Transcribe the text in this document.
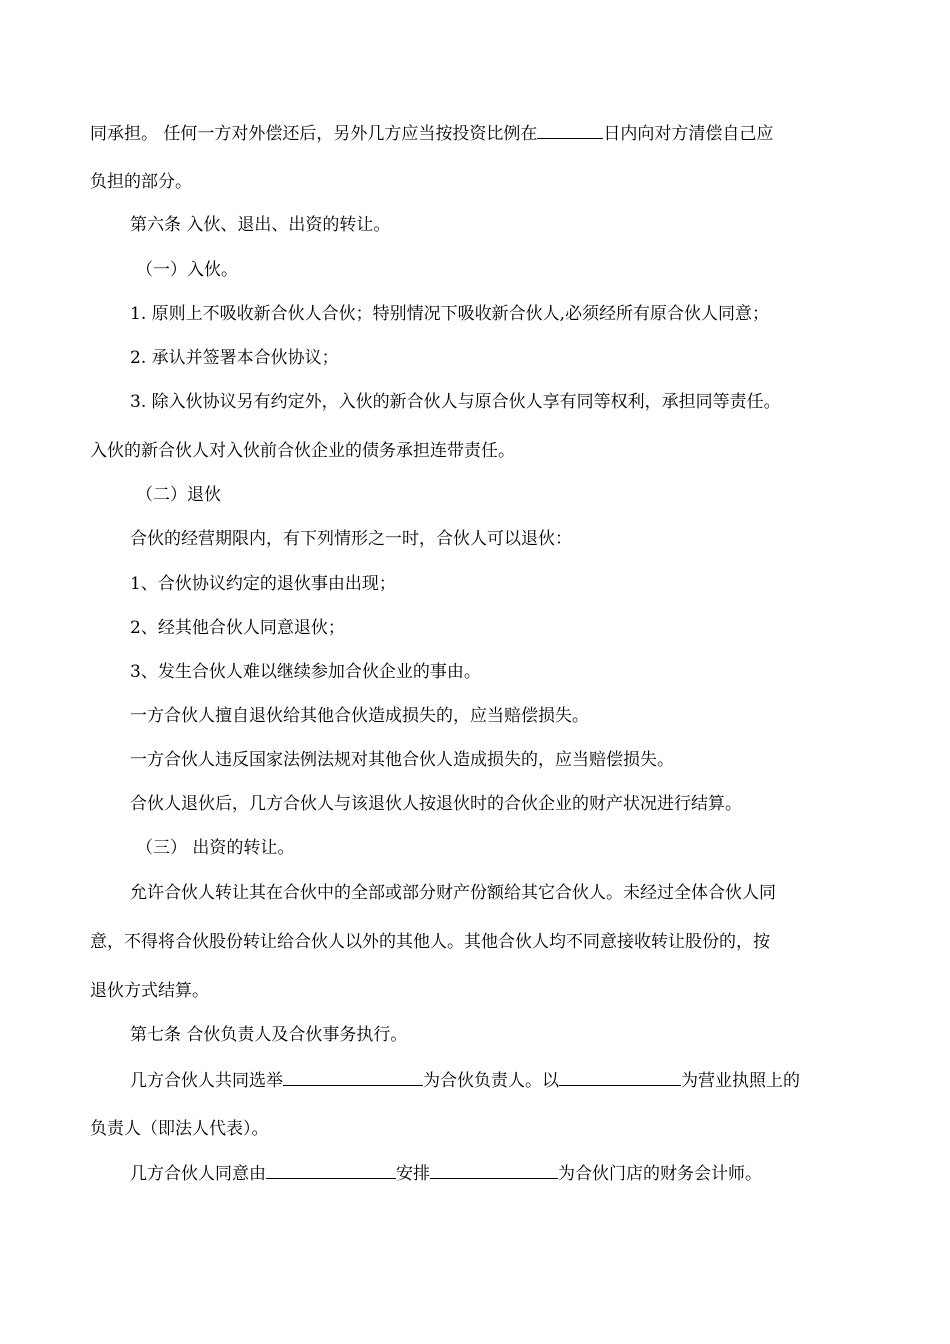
同承担。 任何一方对外偿还后，另外几方应当按投资比例在	日内向对方清偿自己应
负担的部分。
第六条 入伙、退出、出资的转让。
（一）入伙。
1. 原则上不吸收新合伙人合伙；特别情况下吸收新合伙人,必须经所有原合伙人同意；
2. 承认并签署本合伙协议；
3. 除入伙协议另有约定外，入伙的新合伙人与原合伙人享有同等权利，承担同等责任。
入伙的新合伙人对入伙前合伙企业的债务承担连带责任。
（二）退伙
合伙的经营期限内，有下列情形之一时，合伙人可以退伙：
1、合伙协议约定的退伙事由出现；
2、经其他合伙人同意退伙；
3、发生合伙人难以继续参加合伙企业的事由。
一方合伙人擅自退伙给其他合伙造成损失的，应当赔偿损失。
一方合伙人违反国家法例法规对其他合伙人造成损失的，应当赔偿损失。
合伙人退伙后，几方合伙人与该退伙人按退伙时的合伙企业的财产状况进行结算。
（三） 出资的转让。
允许合伙人转让其在合伙中的全部或部分财产份额给其它合伙人。未经过全体合伙人同
意，不得将合伙股份转让给合伙人以外的其他人。其他合伙人均不同意接收转让股份的，按
退伙方式结算。
第七条 合伙负责人及合伙事务执行。
几方合伙人共同选举	为合伙负责人。以	为营业执照上的
负责人（即法人代表）。
几方合伙人同意由	安排	为合伙门店的财务会计师。
